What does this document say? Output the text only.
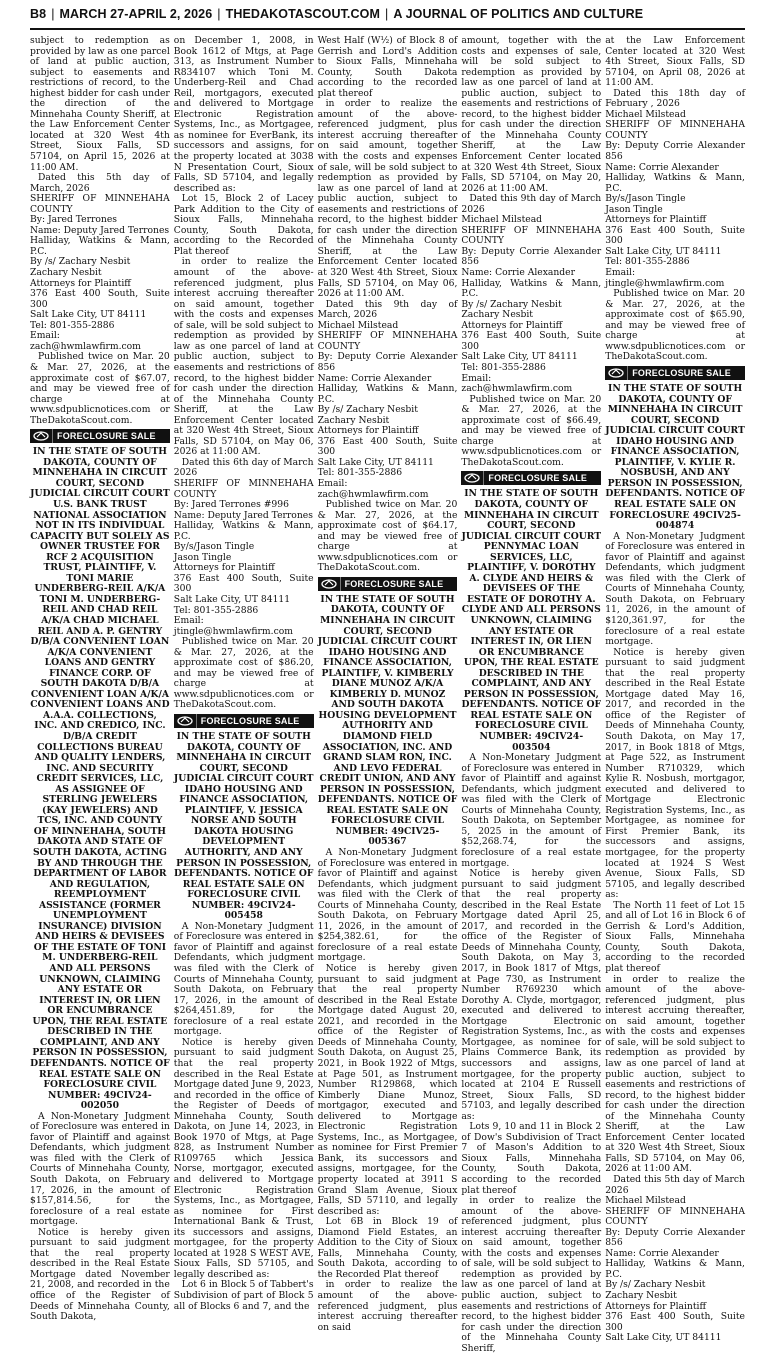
B8 | MARCH 27-APRIL 2, 2026 | THEDAKOTASCOUT.COM | A JOURNAL OF POLITICS AND CULTURE

subject to redemption as provided by law as one parcel of land at public auction, subject to easements and restrictions of record, to the highest bidder for cash under the direction of the Minnehaha County Sheriff, at the Law Enforcement Center located at 320 West 4th Street, Sioux Falls, SD 57104, on April 15, 2026 at 11:00 AM.

Dated this 5th day of March, 2026

SHERIFF OF MINNEHAHA COUNTY

By: Jared Terrones

Name: Deputy Jared Terrones

Halliday, Watkins & Mann, P.C.

By /s/ Zachary Nesbit

Zachary Nesbit

Attorneys for Plaintiff

376 East 400 South, Suite 300

Salt Lake City, UT 84111

Tel: 801-355-2886

Email: zach@hwmlawfirm.com

Published twice on Mar. 20 & Mar. 27, 2026, at the approximate cost of $67.07, and may be viewed free of charge at www.sdpublicnotices.com or TheDakotaScout.com.

FORECLOSURE SALE

IN THE STATE OF SOUTH DAKOTA, COUNTY OF MINNEHAHA IN CIRCUIT COURT, SECOND JUDICIAL CIRCUIT COURT U.S. BANK TRUST NATIONAL ASSOCIATION NOT IN ITS INDIVIDUAL CAPACITY BUT SOLELY AS OWNER TRUSTEE FOR RCF 2 ACQUISITION TRUST, PLAINTIFF, V. TONI MARIE UNDERBERG-REIL A/K/A TONI M. UNDERBERG-REIL AND CHAD REIL A/K/A CHAD MICHAEL REIL AND A. P. GENTRY D/B/A CONVENIENT LOAN A/K/A CONVENIENT LOANS AND GENTRY FINANCE CORP. OF SOUTH DAKOTA D/B/A CONVENIENT LOAN A/K/A CONVENIENT LOANS AND A.A.A. COLLECTIONS, INC. AND CREDICO, INC. D/B/A CREDIT COLLECTIONS BUREAU AND QUALITY LENDERS, INC. AND SECURITY CREDIT SERVICES, LLC, AS ASSIGNEE OF STERLING JEWELERS (KAY JEWELERS) AND TCS, INC. AND COUNTY OF MINNEHAHA, SOUTH DAKOTA AND STATE OF SOUTH DAKOTA, ACTING BY AND THROUGH THE DEPARTMENT OF LABOR AND REGULATION, REEMPLOYMENT ASSISTANCE (FORMER UNEMPLOYMENT INSURANCE) DIVISION AND HEIRS & DEVISEES OF THE ESTATE OF TONI M. UNDERBERG-REIL AND ALL PERSONS UNKNOWN, CLAIMING ANY ESTATE OR INTEREST IN, OR LIEN OR ENCUMBRANCE UPON, THE REAL ESTATE DESCRIBED IN THE COMPLAINT, AND ANY PERSON IN POSSESSION, DEFENDANTS. NOTICE OF REAL ESTATE SALE ON FORECLOSURE CIVIL NUMBER: 49CIV24-002050

A Non-Monetary Judgment of Foreclosure was entered in favor of Plaintiff and against Defendants, which judgment was filed with the Clerk of Courts of Minnehaha County, South Dakota, on February 17, 2026, in the amount of $157,814.56, for the foreclosure of a real estate mortgage.

Notice is hereby given pursuant to said judgment that the real property described in the Real Estate Mortgage dated November 21, 2008, and recorded in the office of the Register of Deeds of Minnehaha County, South Dakota,

on December 1, 2008, in Book 1612 of Mtgs, at Page 313, as Instrument Number R834107 which Toni M. Underberg-Reil and Chad Reil, mortgagors, executed and delivered to Mortgage Electronic Registration Systems, Inc., as Mortgagee, as nominee for EverBank, its successors and assigns, for the property located at 3038 N Presentation Court, Sioux Falls, SD 57104, and legally described as:

Lot 15, Block 2 of Lacey Park Addition to the City of Sioux Falls, Minnehaha County, South Dakota, according to the Recorded Plat thereof

in order to realize the amount of the above-referenced judgment, plus interest accruing thereafter on said amount, together with the costs and expenses of sale, will be sold subject to redemption as provided by law as one parcel of land at public auction, subject to easements and restrictions of record, to the highest bidder for cash under the direction of the Minnehaha County Sheriff, at the Law Enforcement Center located at 320 West 4th Street, Sioux Falls, SD 57104, on May 06, 2026 at 11:00 AM.

Dated this 6th day of March 2026

SHERIFF OF MINNEHAHA COUNTY

By: Jared Terrones #996

Name: Deputy Jared Terrones

Halliday, Watkins & Mann, P.C.

By/s/Jason Tingle

Jason Tingle

Attorneys for Plaintiff

376 East 400 South, Suite 300

Salt Lake City, UT 84111

Tel: 801-355-2886

Email: jtingle@hwmlawfirm.com

Published twice on Mar. 20 & Mar. 27, 2026, at the approximate cost of $86.20, and may be viewed free of charge at www.sdpublicnotices.com or TheDakotaScout.com.

FORECLOSURE SALE

IN THE STATE OF SOUTH DAKOTA, COUNTY OF MINNEHAHA IN CIRCUIT COURT, SECOND JUDICIAL CIRCUIT COURT IDAHO HOUSING AND FINANCE ASSOCIATION, PLAINTIFF, V. JESSICA NORSE AND SOUTH DAKOTA HOUSING DEVELOPMENT AUTHORITY, AND ANY PERSON IN POSSESSION, DEFENDANTS. NOTICE OF REAL ESTATE SALE ON FORECLOSURE CIVIL NUMBER: 49CIV24-005458

A Non-Monetary Judgment of Foreclosure was entered in favor of Plaintiff and against Defendants, which judgment was filed with the Clerk of Courts of Minnehaha County, South Dakota, on February 17, 2026, in the amount of $264,451.89, for the foreclosure of a real estate mortgage.

Notice is hereby given pursuant to said judgment that the real property described in the Real Estate Mortgage dated June 9, 2023, and recorded in the office of the Register of Deeds of Minnehaha County, South Dakota, on June 14, 2023, in Book 1970 of Mtgs, at Page 828, as Instrument Number R109765 which Jessica Norse, mortgagor, executed and delivered to Mortgage Electronic Registration Systems, Inc., as Mortgagee, as nominee for First International Bank & Trust, its successors and assigns, mortgagee, for the property located at 1928 S WEST AVE, Sioux Falls, SD 57105, and legally described as:

Lot 6 in Block 5 of Tabbert's Subdivision of part of Block 5 all of Blocks 6 and 7, and the

West Half (W½) of Block 8 of Gerrish and Lord's Addition to Sioux Falls, Minnehaha County, South Dakota according to the recorded plat thereof

in order to realize the amount of the above-referenced judgment, plus interest accruing thereafter on said amount, together with the costs and expenses of sale, will be sold subject to redemption as provided by law as one parcel of land at public auction, subject to easements and restrictions of record, to the highest bidder for cash under the direction of the Minnehaha County Sheriff, at the Law Enforcement Center located at 320 West 4th Street, Sioux Falls, SD 57104, on May 06, 2026 at 11:00 AM.

Dated this 9th day of March, 2026

Michael Milstead

SHERIFF OF MINNEHAHA COUNTY

By: Deputy Corrie Alexander 856

Name: Corrie Alexander

Halliday, Watkins & Mann, P.C.

By /s/ Zachary Nesbit

Zachary Nesbit

Attorneys for Plaintiff

376 East 400 South, Suite 300

Salt Lake City, UT 84111

Tel: 801-355-2886

Email: zach@hwmlawfirm.com

Published twice on Mar. 20 & Mar. 27, 2026, at the approximate cost of $64.17, and may be viewed free of charge at www.sdpublicnotices.com or TheDakotaScout.com.

FORECLOSURE SALE

IN THE STATE OF SOUTH DAKOTA, COUNTY OF MINNEHAHA IN CIRCUIT COURT, SECOND JUDICIAL CIRCUIT COURT IDAHO HOUSING AND FINANCE ASSOCIATION, PLAINTIFF, V. KIMBERLY DIANE MUNOZ A/K/A KIMBERLY D. MUNOZ AND SOUTH DAKOTA HOUSING DEVELOPMENT AUTHORITY AND DIAMOND FIELD ASSOCIATION, INC. AND GRAND SLAM RON, INC. AND LEVO FEDERAL CREDIT UNION, AND ANY PERSON IN POSSESSION, DEFENDANTS. NOTICE OF REAL ESTATE SALE ON FORECLOSURE CIVIL NUMBER: 49CIV25-005367

A Non-Monetary Judgment of Foreclosure was entered in favor of Plaintiff and against Defendants, which judgment was filed with the Clerk of Courts of Minnehaha County, South Dakota, on February 11, 2026, in the amount of $254,382.61, for the foreclosure of a real estate mortgage.

Notice is hereby given pursuant to said judgment that the real property described in the Real Estate Mortgage dated August 20, 2021, and recorded in the office of the Register of Deeds of Minnehaha County, South Dakota, on August 25, 2021, in Book 1922 of Mtgs, at Page 501, as Instrument Number R129868, which Kimberly Diane Munoz, mortgagor, executed and delivered to Mortgage Electronic Registration Systems, Inc., as Mortgagee, as nominee for First Premier Bank, its successors and assigns, mortgagee, for the property located at 3911 S Grand Slam Avenue, Sioux Falls, SD 57110, and legally described as:

Lot 6B in Block 19 of Diamond Field Estates, an Addition to the City of Sioux Falls, Minnehaha County, South Dakota, according to the Recorded Plat thereof

in order to realize the amount of the above-referenced judgment, plus interest accruing thereafter on said

amount, together with the costs and expenses of sale, will be sold subject to redemption as provided by law as one parcel of land at public auction, subject to easements and restrictions of record, to the highest bidder for cash under the direction of the Minnehaha County Sheriff, at the Law Enforcement Center located at 320 West 4th Street, Sioux Falls, SD 57104, on May 20, 2026 at 11:00 AM.

Dated this 9th day of March 2026

Michael Milstead

SHERIFF OF MINNEHAHA COUNTY

By: Deputy Corrie Alexander 856

Name: Corrie Alexander

Halliday, Watkins & Mann, P.C.

By /s/ Zachary Nesbit

Zachary Nesbit

Attorneys for Plaintiff

376 East 400 South, Suite 300

Salt Lake City, UT 84111

Tel: 801-355-2886

Email: zach@hwmlawfirm.com

Published twice on Mar. 20 & Mar. 27, 2026, at the approximate cost of $66.49, and may be viewed free of charge at www.sdpublicnotices.com or TheDakotaScout.com.

FORECLOSURE SALE

IN THE STATE OF SOUTH DAKOTA, COUNTY OF MINNEHAHA IN CIRCUIT COURT, SECOND JUDICIAL CIRCUIT COURT PENNYMAC LOAN SERVICES, LLC, PLAINTIFF, V. DOROTHY A. CLYDE AND HEIRS & DEVISEES OF THE ESTATE OF DOROTHY A. CLYDE AND ALL PERSONS UNKNOWN, CLAIMING ANY ESTATE OR INTEREST IN, OR LIEN OR ENCUMBRANCE UPON, THE REAL ESTATE DESCRIBED IN THE COMPLAINT, AND ANY PERSON IN POSSESSION, DEFENDANTS. NOTICE OF REAL ESTATE SALE ON FORECLOSURE CIVIL NUMBER: 49CIV24-003504

A Non-Monetary Judgment of Foreclosure was entered in favor of Plaintiff and against Defendants, which judgment was filed with the Clerk of Courts of Minnehaha County, South Dakota, on September 5, 2025 in the amount of $52,268.74, for the foreclosure of a real estate mortgage.

Notice is hereby given pursuant to said judgment that the real property described in the Real Estate Mortgage dated April 25, 2017, and recorded in the office of the Register of Deeds of Minnehaha County, South Dakota, on May 3, 2017, in Book 1817 of Mtgs, at Page 730, as Instrument Number R769230 which Dorothy A. Clyde, mortgagor, executed and delivered to Mortgage Electronic Registration Systems, Inc., as Mortgagee, as nominee for Plains Commerce Bank, its successors and assigns, mortgagee, for the property located at 2104 E Russell Street, Sioux Falls, SD 57103, and legally described as:

Lots 9, 10 and 11 in Block 2 of Dow's Subdivision of Tract 7 of Mason's Addition to Sioux Falls, Minnehaha County, South Dakota, according to the recorded plat thereof

in order to realize the amount of the above-referenced judgment, plus interest accruing thereafter on said amount, together with the costs and expenses of sale, will be sold subject to redemption as provided by law as one parcel of land at public auction, subject to easements and restrictions of record, to the highest bidder for cash under the direction of the Minnehaha County Sheriff,

at the Law Enforcement Center located at 320 West 4th Street, Sioux Falls, SD 57104, on April 08, 2026 at 11:00 AM.

Dated this 18th day of February , 2026

Michael Milstead

SHERIFF OF MINNEHAHA COUNTY

By: Deputy Corrie Alexander 856

Name: Corrie Alexander

Halliday, Watkins & Mann, P.C.

By/s/Jason Tingle

Jason Tingle

Attorneys for Plaintiff

376 East 400 South, Suite 300

Salt Lake City, UT 84111

Tel: 801-355-2886

Email: jtingle@hwmlawfirm.com

Published twice on Mar. 20 & Mar. 27, 2026, at the approximate cost of $65.90, and may be viewed free of charge at www.sdpublicnotices.com or TheDakotaScout.com.

FORECLOSURE SALE

IN THE STATE OF SOUTH DAKOTA, COUNTY OF MINNEHAHA IN CIRCUIT COURT, SECOND JUDICIAL CIRCUIT COURT IDAHO HOUSING AND FINANCE ASSOCIATION, PLAINTIFF, V. KYLIE R. NOSBUSH, AND ANY PERSON IN POSSESSION, DEFENDANTS. NOTICE OF REAL ESTATE SALE ON FORECLOSURE 49CIV25-004874

A Non-Monetary Judgment of Foreclosure was entered in favor of Plaintiff and against Defendants, which judgment was filed with the Clerk of Courts of Minnehaha County, South Dakota, on February 11, 2026, in the amount of $120,361.97, for the foreclosure of a real estate mortgage.

Notice is hereby given pursuant to said judgment that the real property described in the Real Estate Mortgage dated May 16, 2017, and recorded in the office of the Register of Deeds of Minnehaha County, South Dakota, on May 17, 2017, in Book 1818 of Mtgs, at Page 522, as Instrument Number R710329, which Kylie R. Nosbush, mortgagor, executed and delivered to Mortgage Electronic Registration Systems, Inc., as Mortgagee, as nominee for First Premier Bank, its successors and assigns, mortgagee, for the property located at 1924 S West Avenue, Sioux Falls, SD 57105, and legally described as:

The North 11 feet of Lot 15 and all of Lot 16 in Block 6 of Gerrish & Lord's Addition, Sioux Falls, Minnehaha County, South Dakota, according to the recorded plat thereof

in order to realize the amount of the above-referenced judgment, plus interest accruing thereafter, on said amount, together with the costs and expenses of sale, will be sold subject to redemption as provided by law as one parcel of land at public auction, subject to easements and restrictions of record, to the highest bidder for cash under the direction of the Minnehaha County Sheriff, at the Law Enforcement Center located at 320 West 4th Street, Sioux Falls, SD 57104, on May 06, 2026 at 11:00 AM.

Dated this 5th day of March 2026

Michael Milstead

SHERIFF OF MINNEHAHA COUNTY

By: Deputy Corrie Alexander 856

Name: Corrie Alexander

Halliday, Watkins & Mann, P.C.

By /s/ Zachary Nesbit

Zachary Nesbit

Attorneys for Plaintiff

376 East 400 South, Suite 300

Salt Lake City, UT 84111
